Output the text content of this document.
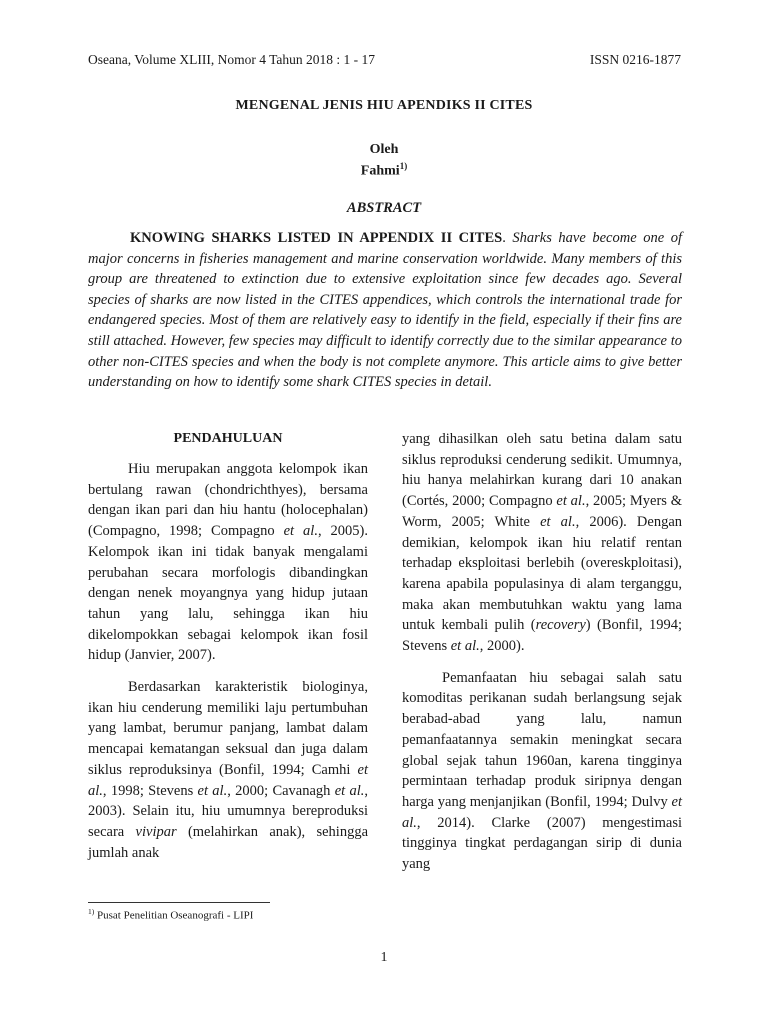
Oseana, Volume XLIII, Nomor 4 Tahun 2018 : 1 - 17	ISSN 0216-1877
MENGENAL JENIS HIU APENDIKS II CITES
Oleh
Fahmi$^{1)}$
ABSTRACT
KNOWING SHARKS LISTED IN APPENDIX II CITES. Sharks have become one of major concerns in fisheries management and marine conservation worldwide. Many members of this group are threatened to extinction due to extensive exploitation since few decades ago. Several species of sharks are now listed in the CITES appendices, which controls the international trade for endangered species. Most of them are relatively easy to identify in the field, especially if their fins are still attached. However, few species may difficult to identify correctly due to the similar appearance to other non-CITES species and when the body is not complete anymore. This article aims to give better understanding on how to identify some shark CITES species in detail.
PENDAHULUAN

Hiu merupakan anggota kelompok ikan bertulang rawan (chondrichthyes), bersama dengan ikan pari dan hiu hantu (holocephalan) (Compagno, 1998; Compagno et al., 2005). Kelompok ikan ini tidak banyak mengalami perubahan secara morfologis dibandingkan dengan nenek moyangnya yang hidup jutaan tahun yang lalu, sehingga ikan hiu dikelompokkan sebagai kelompok ikan fosil hidup (Janvier, 2007).

Berdasarkan karakteristik biologinya, ikan hiu cenderung memiliki laju pertumbuhan yang lambat, berumur panjang, lambat dalam mencapai kematangan seksual dan juga dalam siklus reproduksinya (Bonfil, 1994; Camhi et al., 1998; Stevens et al., 2000; Cavanagh et al., 2003). Selain itu, hiu umumnya bereproduksi secara vivipar (melahirkan anak), sehingga jumlah anak

yang dihasilkan oleh satu betina dalam satu siklus reproduksi cenderung sedikit. Umumnya, hiu hanya melahirkan kurang dari 10 anakan (Cortés, 2000; Compagno et al., 2005; Myers & Worm, 2005; White et al., 2006). Dengan demikian, kelompok ikan hiu relatif rentan terhadap eksploitasi berlebih (overeskploitasi), karena apabila populasinya di alam terganggu, maka akan membutuhkan waktu yang lama untuk kembali pulih (recovery) (Bonfil, 1994; Stevens et al., 2000).

Pemanfaatan hiu sebagai salah satu komoditas perikanan sudah berlangsung sejak berabad-abad yang lalu, namun pemanfaatannya semakin meningkat secara global sejak tahun 1960an, karena tingginya permintaan terhadap produk siripnya dengan harga yang menjanjikan (Bonfil, 1994; Dulvy et al., 2014). Clarke (2007) mengestimasi tingginya tingkat perdagangan sirip di dunia yang

$^{1)}$ Pusat Penelitian Oseanografi - LIPI
1
